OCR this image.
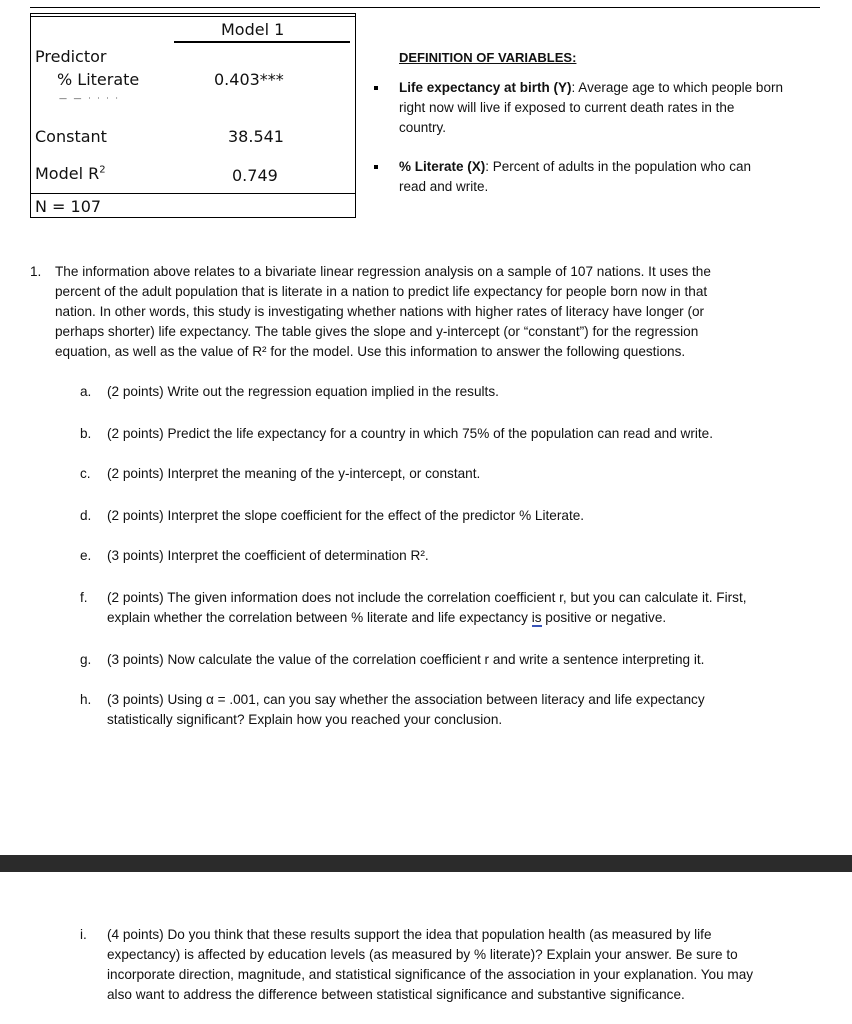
Model 1
Predictor
% Literate	0.403***
— — · · · ·
Constant	38.541
Model $R^2$	0.749
N = 107
DEFINITION OF VARIABLES:
Life expectancy at birth (Y): Average age to which people born
right now will live if exposed to current death rates in the
country.
% Literate (X): Percent of adults in the population who can
read and write.
1. The information above relates to a bivariate linear regression analysis on a sample of 107 nations. It uses the
percent of the adult population that is literate in a nation to predict life expectancy for people born now in that
nation. In other words, this study is investigating whether nations with higher rates of literacy have longer (or
perhaps shorter) life expectancy. The table gives the slope and y-intercept (or “constant”) for the regression
equation, as well as the value of R² for the model. Use this information to answer the following questions.
a. (2 points) Write out the regression equation implied in the results.
b. (2 points) Predict the life expectancy for a country in which 75% of the population can read and write.
c. (2 points) Interpret the meaning of the y-intercept, or constant.
d. (2 points) Interpret the slope coefficient for the effect of the predictor % Literate.
e. (3 points) Interpret the coefficient of determination R².
f. (2 points) The given information does not include the correlation coefficient r, but you can calculate it. First,
explain whether the correlation between % literate and life expectancy is positive or negative.
g. (3 points) Now calculate the value of the correlation coefficient r and write a sentence interpreting it.
h. (3 points) Using α = .001, can you say whether the association between literacy and life expectancy
statistically significant? Explain how you reached your conclusion.
i. (4 points) Do you think that these results support the idea that population health (as measured by life
expectancy) is affected by education levels (as measured by % literate)? Explain your answer. Be sure to
incorporate direction, magnitude, and statistical significance of the association in your explanation. You may
also want to address the difference between statistical significance and substantive significance.
